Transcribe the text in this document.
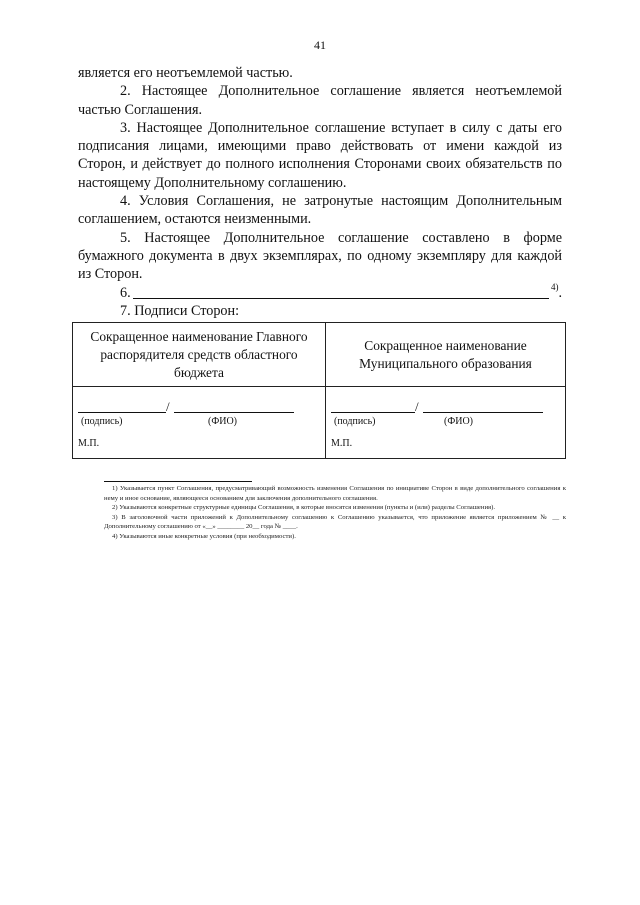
41

является его неотъемлемой частью.

2. Настоящее Дополнительное соглашение является неотъемлемой частью Соглашения.

3. Настоящее Дополнительное соглашение вступает в силу с даты его подписания лицами, имеющими право действовать от имени каждой из Сторон, и действует до полного исполнения Сторонами своих обязательств по настоящему Дополнительному соглашению.

4. Условия Соглашения, не затронутые настоящим Дополнительным соглашением, остаются неизменными.

5. Настоящее Дополнительное соглашение составлено в форме бумажного документа в двух экземплярах, по одному экземпляру для каждой из Сторон.

6.	4) .

7. Подписи Сторон:

Сокращенное наименование Главного распорядителя средств областного бюджета
Сокращенное наименование Муниципального образования
/
(подпись)	(ФИО)
М.П.
/
(подпись)	(ФИО)
М.П.

1) Указывается пункт Соглашения, предусматривающий возможность изменения Соглашения по инициативе Сторон в виде дополнительного соглашения к нему и иное основание, являющееся основанием для заключения дополнительного соглашения.

2) Указываются конкретные структурные единицы Соглашения, в которые вносятся изменения (пункты и (или) разделы Соглашения).

3) В заголовочной части приложений к Дополнительному соглашению к Соглашению указывается, что приложение является приложением № __ к Дополнительному соглашению от «__» ________ 20__ года № ____.

4) Указываются иные конкретные условия (при необходимости).
